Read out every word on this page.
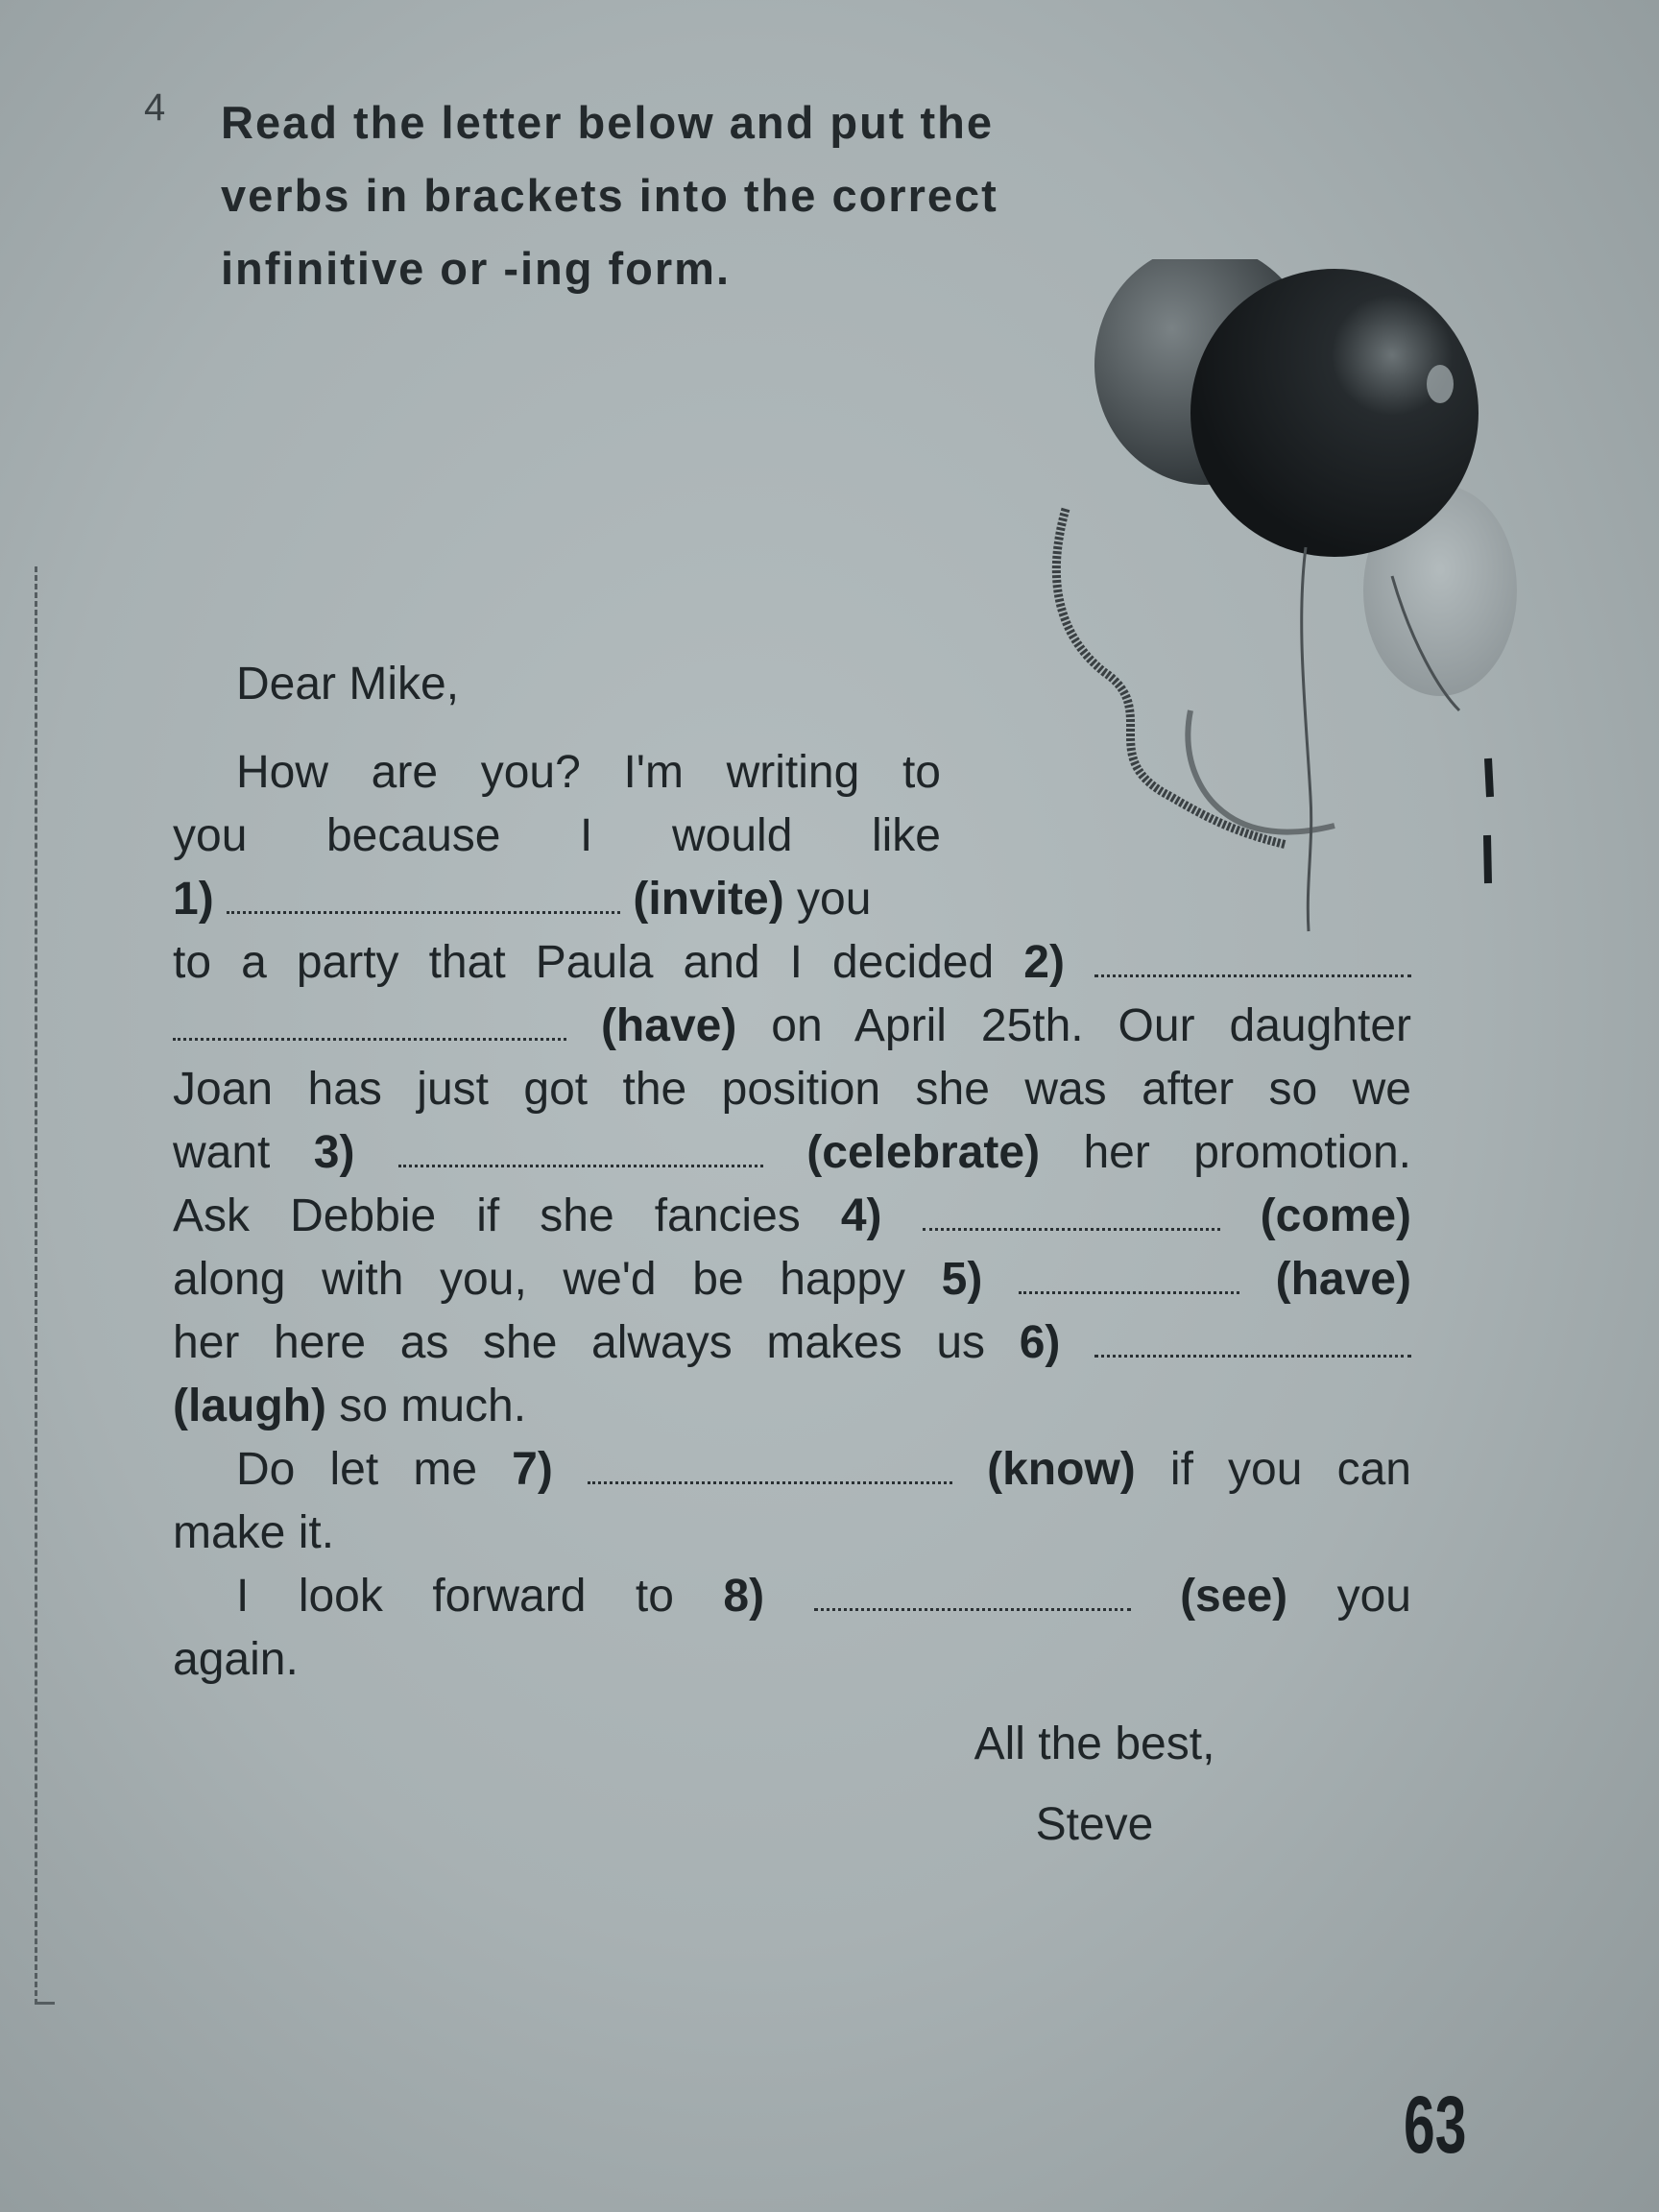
4 Read the letter below and put the verbs in brackets into the correct infinitive or -ing form.

Dear Mike,

How are you? I'm writing to

you because I would like

1)	(invite) you

to a party that Paula and I decided 2)

(have) on April 25th. Our daughter

Joan has just got the position she was after so we

want 3)	(celebrate) her promotion.

Ask Debbie if she fancies 4)	(come)

along with you, we'd be happy 5)	(have)

her here as she always makes us 6)

(laugh) so much.

Do let me 7)	(know) if you can

make it.

I look forward to 8)	(see) you

again.

All the best,
Steve
63
